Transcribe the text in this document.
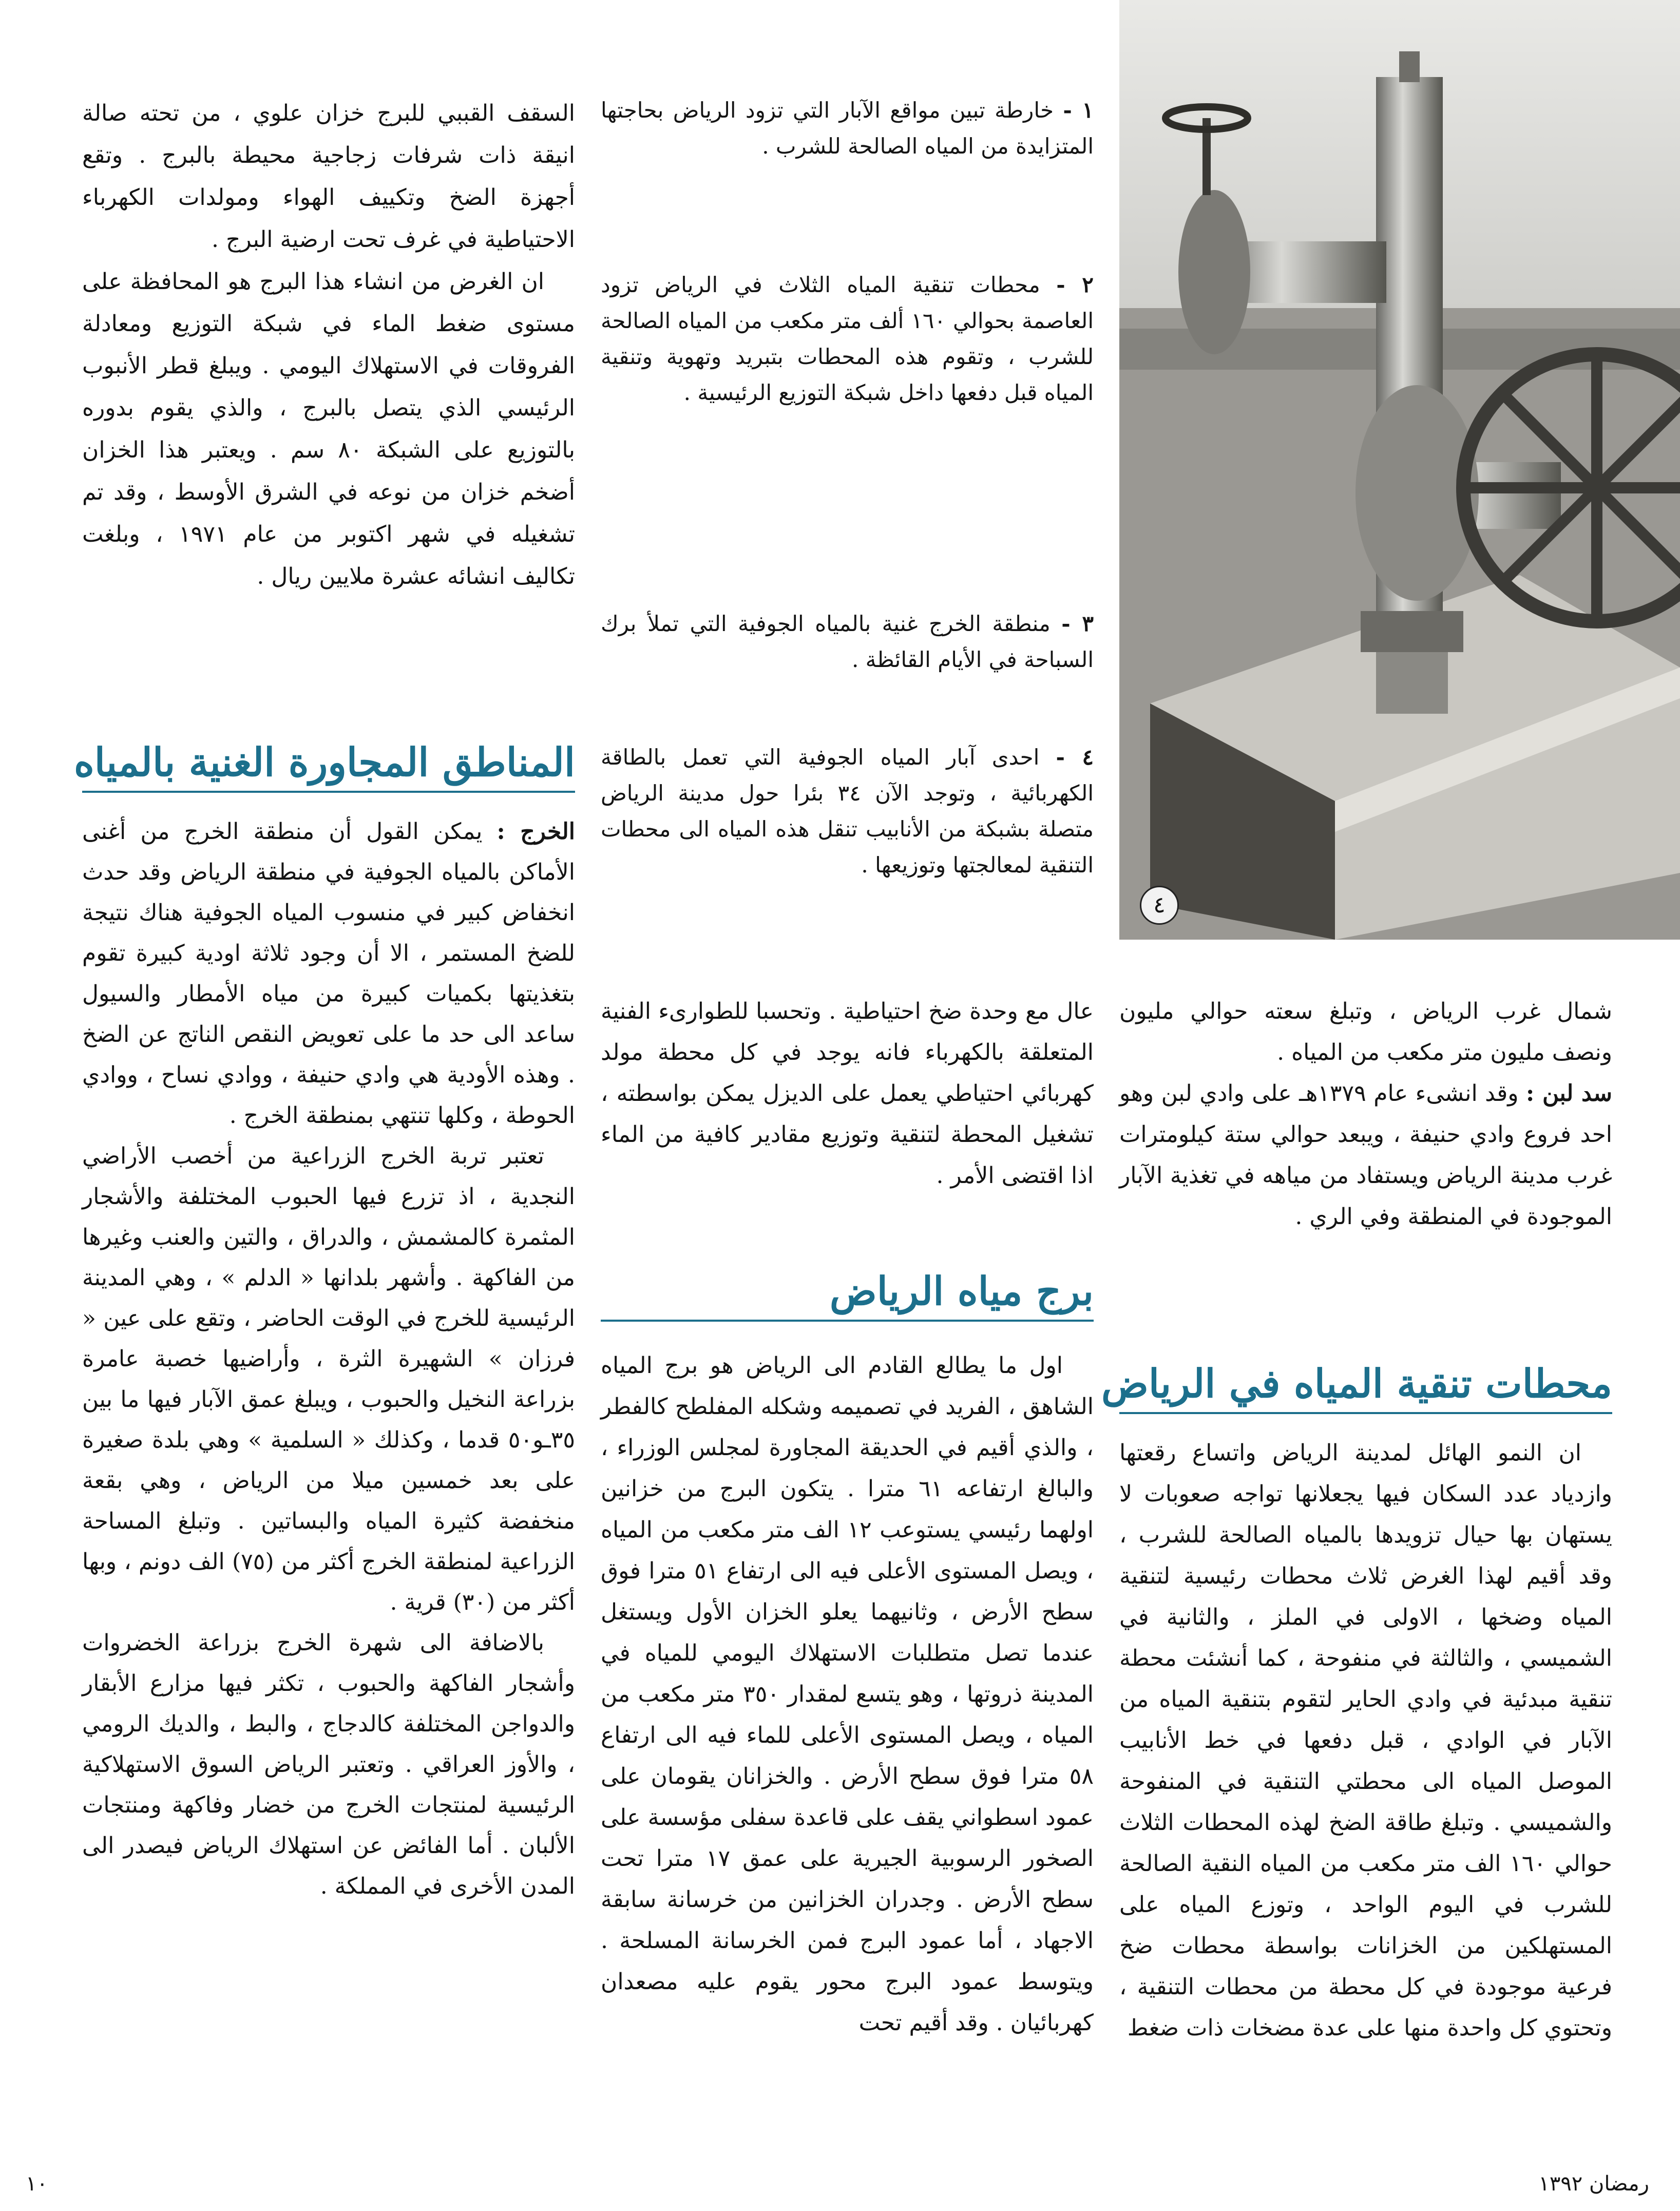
٤
١ - خارطة تبين مواقع الآبار التي تزود الرياض بحاجتها المتزايدة من المياه الصالحة للشرب .
٢ - محطات تنقية المياه الثلاث في الرياض تزود العاصمة بحوالي ١٦٠ ألف متر مكعب من المياه الصالحة للشرب ، وتقوم هذه المحطات بتبريد وتهوية وتنقية المياه قبل دفعها داخل شبكة التوزيع الرئيسية .
٣ - منطقة الخرج غنية بالمياه الجوفية التي تملأ برك السباحة في الأيام القائظة .
٤ - احدى آبار المياه الجوفية التي تعمل بالطاقة الكهربائية ، وتوجد الآن ٣٤ بئرا حول مدينة الرياض متصلة بشبكة من الأنابيب تنقل هذه المياه الى محطات التنقية لمعالجتها وتوزيعها .

السقف القببي للبرج خزان علوي ، من تحته صالة انيقة ذات شرفات زجاجية محيطة بالبرج . وتقع أجهزة الضخ وتكييف الهواء ومولدات الكهرباء الاحتياطية في غرف تحت ارضية البرج .

ان الغرض من انشاء هذا البرج هو المحافظة على مستوى ضغط الماء في شبكة التوزيع ومعادلة الفروقات في الاستهلاك اليومي . ويبلغ قطر الأنبوب الرئيسي الذي يتصل بالبرج ، والذي يقوم بدوره بالتوزيع على الشبكة ٨٠ سم . ويعتبر هذا الخزان أضخم خزان من نوعه في الشرق الأوسط ، وقد تم تشغيله في شهر اكتوبر من عام ١٩٧١ ، وبلغت تكاليف انشائه عشرة ملايين ريال .

المناطق المجاورة الغنية بالمياه

الخرج : يمكن القول أن منطقة الخرج من أغنى الأماكن بالمياه الجوفية في منطقة الرياض وقد حدث انخفاض كبير في منسوب المياه الجوفية هناك نتيجة للضخ المستمر ، الا أن وجود ثلاثة اودية كبيرة تقوم بتغذيتها بكميات كبيرة من مياه الأمطار والسيول ساعد الى حد ما على تعويض النقص الناتج عن الضخ . وهذه الأودية هي وادي حنيفة ، ووادي نساح ، ووادي الحوطة ، وكلها تنتهي بمنطقة الخرج .

تعتبر تربة الخرج الزراعية من أخصب الأراضي النجدية ، اذ تزرع فيها الحبوب المختلفة والأشجار المثمرة كالمشمش ، والدراق ، والتين والعنب وغيرها من الفاكهة . وأشهر بلدانها « الدلم » ، وهي المدينة الرئيسية للخرج في الوقت الحاضر ، وتقع على عين « فرزان » الشهيرة الثرة ، وأراضيها خصبة عامرة بزراعة النخيل والحبوب ، ويبلغ عمق الآبار فيها ما بين ٣٥ـو٥٠ قدما ، وكذلك « السلمية » وهي بلدة صغيرة على بعد خمسين ميلا من الرياض ، وهي بقعة منخفضة كثيرة المياه والبساتين . وتبلغ المساحة الزراعية لمنطقة الخرج أكثر من (٧٥) الف دونم ، وبها أكثر من (٣٠) قرية .

بالاضافة الى شهرة الخرج بزراعة الخضروات وأشجار الفاكهة والحبوب ، تكثر فيها مزارع الأبقار والدواجن المختلفة كالدجاج ، والبط ، والديك الرومي ، والأوز العراقي . وتعتبر الرياض السوق الاستهلاكية الرئيسية لمنتجات الخرج من خضار وفاكهة ومنتجات الألبان . أما الفائض عن استهلاك الرياض فيصدر الى المدن الأخرى في المملكة .

عال مع وحدة ضخ احتياطية . وتحسبا للطوارىء الفنية المتعلقة بالكهرباء فانه يوجد في كل محطة مولد كهربائي احتياطي يعمل على الديزل يمكن بواسطته ، تشغيل المحطة لتنقية وتوزيع مقادير كافية من الماء اذا اقتضى الأمر .

برج مياه الرياض

اول ما يطالع القادم الى الرياض هو برج المياه الشاهق ، الفريد في تصميمه وشكله المفلطح كالفطر ، والذي أقيم في الحديقة المجاورة لمجلس الوزراء ، والبالغ ارتفاعه ٦١ مترا . يتكون البرج من خزانين اولهما رئيسي يستوعب ١٢ الف متر مكعب من المياه ، ويصل المستوى الأعلى فيه الى ارتفاع ٥١ مترا فوق سطح الأرض ، وثانيهما يعلو الخزان الأول ويستغل عندما تصل متطلبات الاستهلاك اليومي للمياه في المدينة ذروتها ، وهو يتسع لمقدار ٣٥٠ متر مكعب من المياه ، ويصل المستوى الأعلى للماء فيه الى ارتفاع ٥٨ مترا فوق سطح الأرض . والخزانان يقومان على عمود اسطواني يقف على قاعدة سفلى مؤسسة على الصخور الرسوبية الجيرية على عمق ١٧ مترا تحت سطح الأرض . وجدران الخزانين من خرسانة سابقة الاجهاد ، أما عمود البرج فمن الخرسانة المسلحة . ويتوسط عمود البرج محور يقوم عليه مصعدان كهربائيان . وقد أقيم تحت

شمال غرب الرياض ، وتبلغ سعته حوالي مليون ونصف مليون متر مكعب من المياه .

سد لبن : وقد انشىء عام ١٣٧٩هـ على وادي لبن وهو احد فروع وادي حنيفة ، ويبعد حوالي ستة كيلومترات غرب مدينة الرياض ويستفاد من مياهه في تغذية الآبار الموجودة في المنطقة وفي الري .

محطات تنقية المياه في الرياض

ان النمو الهائل لمدينة الرياض واتساع رقعتها وازدياد عدد السكان فيها يجعلانها تواجه صعوبات لا يستهان بها حيال تزويدها بالمياه الصالحة للشرب ، وقد أقيم لهذا الغرض ثلاث محطات رئيسية لتنقية المياه وضخها ، الاولى في الملز ، والثانية في الشميسي ، والثالثة في منفوحة ، كما أنشئت محطة تنقية مبدئية في وادي الحاير لتقوم بتنقية المياه من الآبار في الوادي ، قبل دفعها في خط الأنابيب الموصل المياه الى محطتي التنقية في المنفوحة والشميسي . وتبلغ طاقة الضخ لهذه المحطات الثلاث حوالي ١٦٠ الف متر مكعب من المياه النقية الصالحة للشرب في اليوم الواحد ، وتوزع المياه على المستهلكين من الخزانات بواسطة محطات ضخ فرعية موجودة في كل محطة من محطات التنقية ، وتحتوي كل واحدة منها على عدة مضخات ذات ضغط

١٠	رمضان ١٣٩٢
